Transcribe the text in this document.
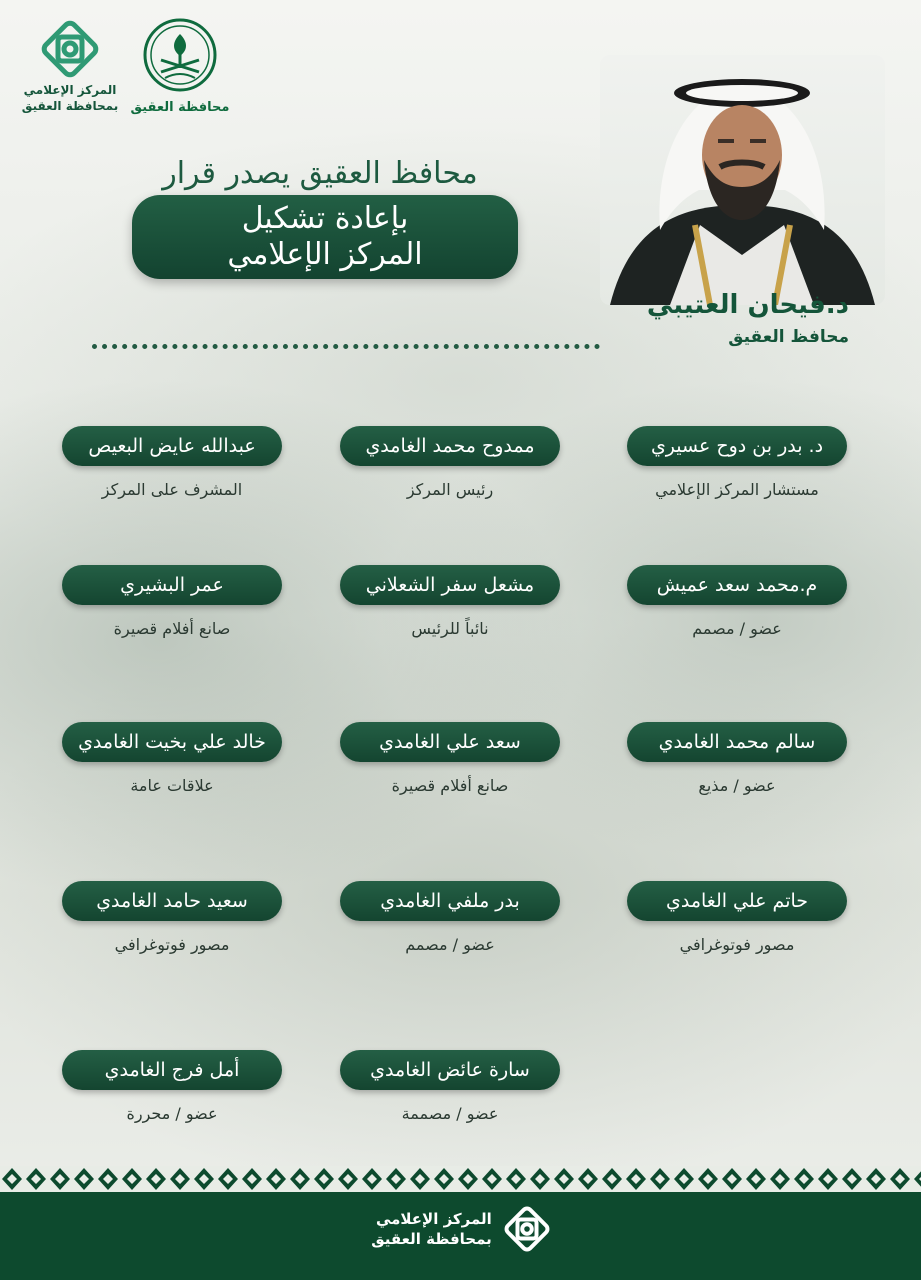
المركز الإعلامي
بمحافظة العقيق محافظة العقيق
محافظ العقيق يصدر قرار
بإعادة تشكيل
المركز الإعلامي
د.فيحان العتيبي
محافظ العقيق
د. بدر بن دوح عسيري
مستشار المركز الإعلامي
ممدوح محمد الغامدي
رئيس المركز
عبدالله عايض البعيص
المشرف على المركز
م.محمد سعد عميش
عضو / مصمم
مشعل سفر الشعلاني
نائباً للرئيس
عمر البشيري
صانع أفلام قصيرة
سالم محمد الغامدي
عضو / مذيع
سعد علي الغامدي
صانع أفلام قصيرة
خالد علي بخيت الغامدي
علاقات عامة
حاتم علي الغامدي
مصور فوتوغرافي
بدر ملفي الغامدي
عضو / مصمم
سعيد حامد الغامدي
مصور فوتوغرافي
سارة عائض الغامدي
عضو / مصممة
أمل فرج الغامدي
عضو / محررة
المركز الإعلامي
بمحافظة العقيق
